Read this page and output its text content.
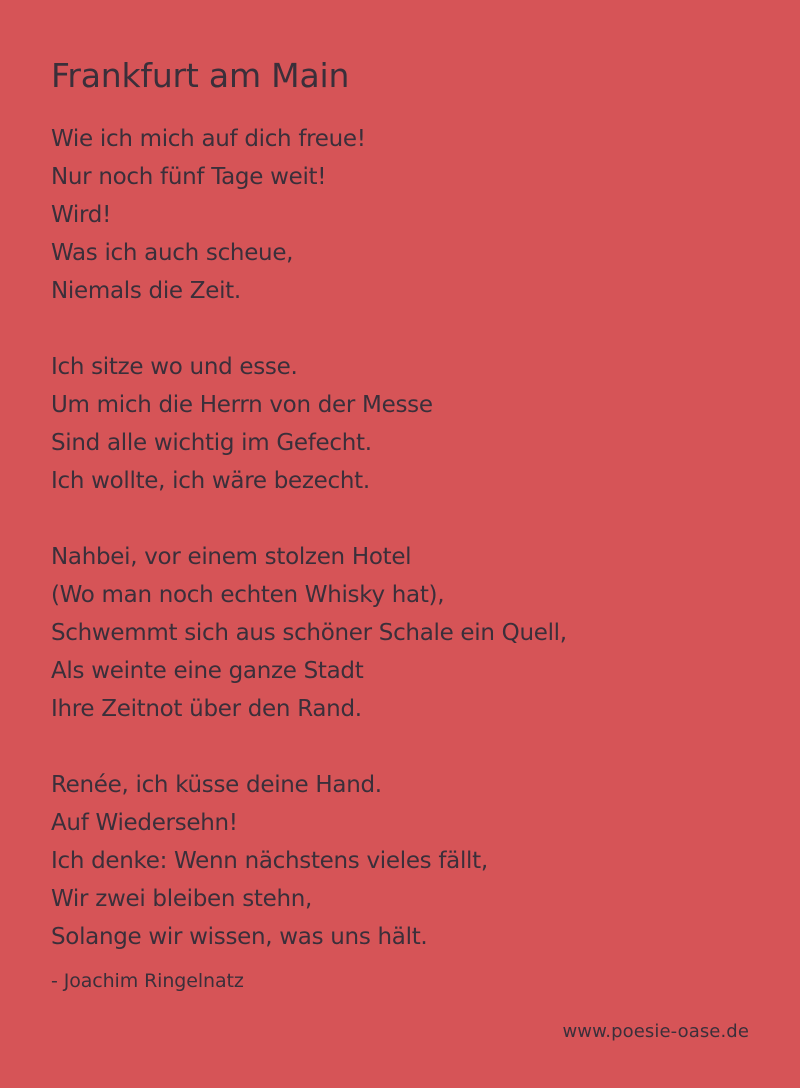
Frankfurt am Main
Wie ich mich auf dich freue!
Nur noch fünf Tage weit!
Wird!
Was ich auch scheue,
Niemals die Zeit.
Ich sitze wo und esse.
Um mich die Herrn von der Messe
Sind alle wichtig im Gefecht.
Ich wollte, ich wäre bezecht.
Nahbei, vor einem stolzen Hotel
(Wo man noch echten Whisky hat),
Schwemmt sich aus schöner Schale ein Quell,
Als weinte eine ganze Stadt
Ihre Zeitnot über den Rand.
Renée, ich küsse deine Hand.
Auf Wiedersehn!
Ich denke: Wenn nächstens vieles fällt,
Wir zwei bleiben stehn,
Solange wir wissen, was uns hält.
- Joachim Ringelnatz
www.poesie-oase.de
